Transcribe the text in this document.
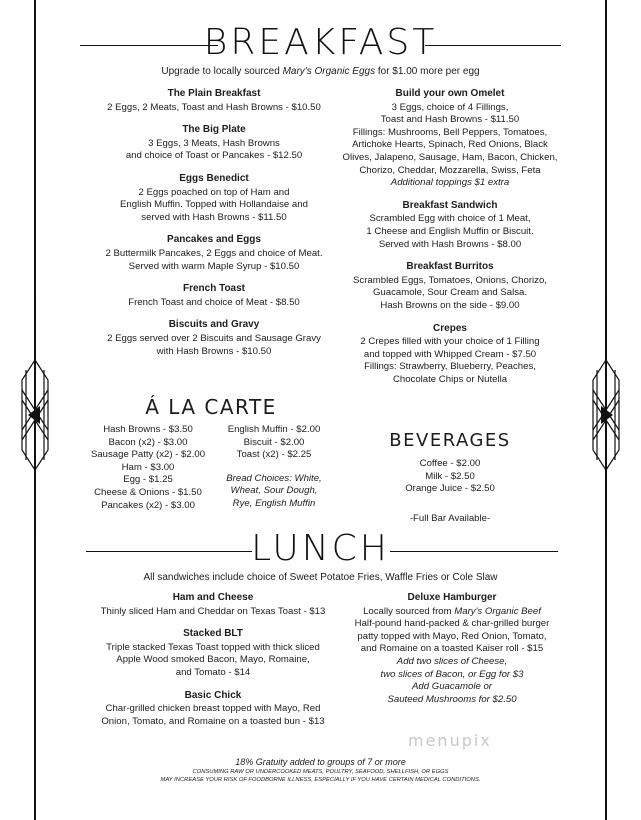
BREAKFAST
Upgrade to locally sourced Mary's Organic Eggs for $1.00 more per egg
The Plain Breakfast
2 Eggs, 2 Meats, Toast and Hash Browns - $10.50
The Big Plate
3 Eggs, 3 Meats, Hash Browns
and choice of Toast or Pancakes - $12.50
Eggs Benedict
2 Eggs poached on top of Ham and
English Muffin. Topped with Hollandaise and
served with Hash Browns - $11.50
Pancakes and Eggs
2 Buttermilk Pancakes, 2 Eggs and choice of Meat.
Served with warm Maple Syrup - $10.50
French Toast
French Toast and choice of Meat - $8.50
Biscuits and Gravy
2 Eggs served over 2 Biscuits and Sausage Gravy
with Hash Browns - $10.50
Build your own Omelet
3 Eggs, choice of 4 Fillings,
Toast and Hash Browns - $11.50
Fillings: Mushrooms, Bell Peppers, Tomatoes,
Artichoke Hearts, Spinach, Red Onions, Black
Olives, Jalapeno, Sausage, Ham, Bacon, Chicken,
Chorizo, Cheddar, Mozzarella, Swiss, Feta
Additional toppings $1 extra
Breakfast Sandwich
Scrambled Egg with choice of 1 Meat,
1 Cheese and English Muffin or Biscuit.
Served with Hash Browns - $8.00
Breakfast Burritos
Scrambled Eggs, Tomatoes, Onions, Chorizo,
Guacamole, Sour Cream and Salsa.
Hash Browns on the side - $9.00
Crepes
2 Crepes filled with your choice of 1 Filling
and topped with Whipped Cream - $7.50
Fillings: Strawberry, Blueberry, Peaches,
Chocolate Chips or Nutella
Á LA CARTE
Hash Browns - $3.50
Bacon (x2) - $3.00
Sausage Patty (x2) - $2.00
Ham - $3.00
Egg - $1.25
Cheese & Onions - $1.50
Pancakes (x2) - $3.00
English Muffin - $2.00
Biscuit - $2.00
Toast (x2) - $2.25
Bread Choices: White,
Wheat, Sour Dough,
Rye, English Muffin
BEVERAGES
Coffee - $2.00
Milk - $2.50
Orange Juice - $2.50
-Full Bar Available-
LUNCH
All sandwiches include choice of Sweet Potatoe Fries, Waffle Fries or Cole Slaw
Ham and Cheese
Thinly sliced Ham and Cheddar on Texas Toast - $13
Stacked BLT
Triple stacked Texas Toast topped with thick sliced
Apple Wood smoked Bacon, Mayo, Romaine,
and Tomato - $14
Basic Chick
Char-grilled chicken breast topped with Mayo, Red
Onion, Tomato, and Romaine on a toasted bun - $13
Deluxe Hamburger
Locally sourced from Mary's Organic Beef
Half-pound hand-packed & char-grilled burger
patty topped with Mayo, Red Onion, Tomato,
and Romaine on a toasted Kaiser roll - $15
Add two slices of Cheese,
two slices of Bacon, or Egg for $3
Add Guacamole or
Sauteed Mushrooms for $2.50
menupix
18% Gratuity added to groups of 7 or more
CONSUMING RAW OR UNDERCOOKED MEATS, POULTRY, SEAFOOD, SHELLFISH, OR EGGS
MAY INCREASE YOUR RISK OF FOODBORNE ILLNESS, ESPECIALLY IF YOU HAVE CERTAIN MEDICAL CONDITIONS.
